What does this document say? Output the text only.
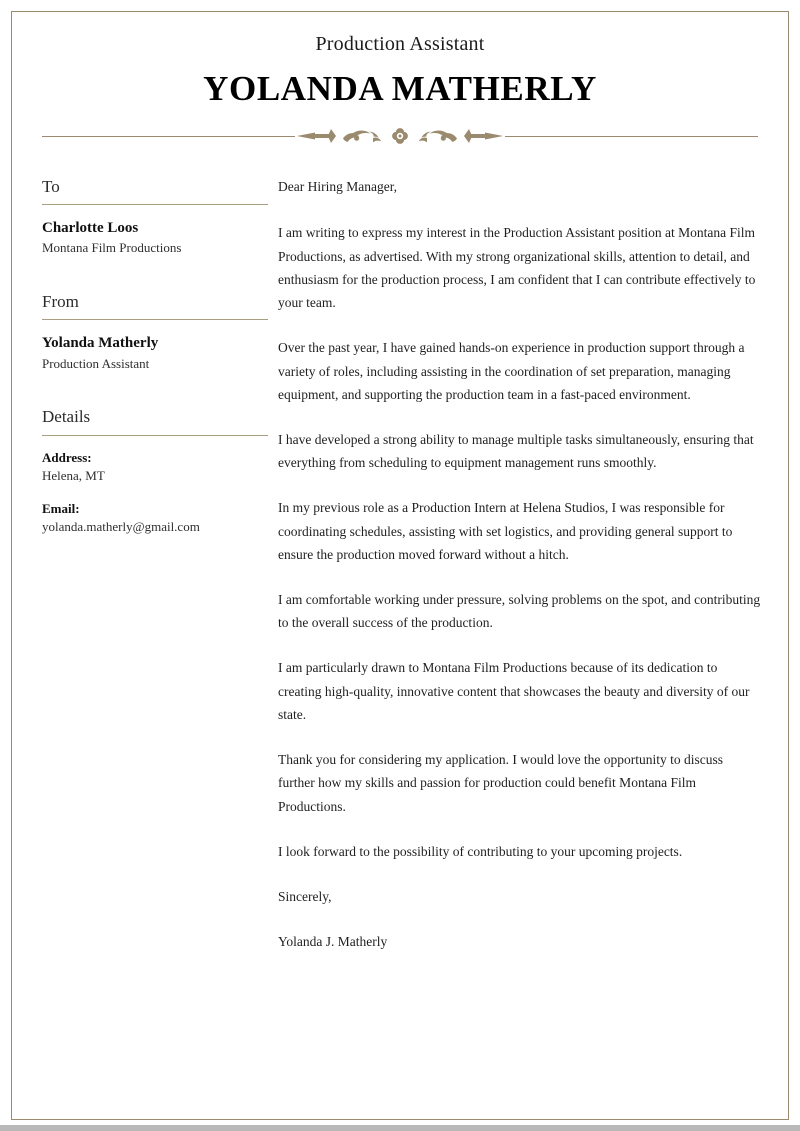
Production Assistant
YOLANDA MATHERLY
To
Charlotte Loos
Montana Film Productions
From
Yolanda Matherly
Production Assistant
Details
Address:
Helena, MT
Email:
yolanda.matherly@gmail.com
Dear Hiring Manager,
I am writing to express my interest in the Production Assistant position at Montana Film Productions, as advertised. With my strong organizational skills, attention to detail, and enthusiasm for the production process, I am confident that I can contribute effectively to your team.
Over the past year, I have gained hands-on experience in production support through a variety of roles, including assisting in the coordination of set preparation, managing equipment, and supporting the production team in a fast-paced environment.
I have developed a strong ability to manage multiple tasks simultaneously, ensuring that everything from scheduling to equipment management runs smoothly.
In my previous role as a Production Intern at Helena Studios, I was responsible for coordinating schedules, assisting with set logistics, and providing general support to ensure the production moved forward without a hitch.
I am comfortable working under pressure, solving problems on the spot, and contributing to the overall success of the production.
I am particularly drawn to Montana Film Productions because of its dedication to creating high-quality, innovative content that showcases the beauty and diversity of our state.
Thank you for considering my application. I would love the opportunity to discuss further how my skills and passion for production could benefit Montana Film Productions.
I look forward to the possibility of contributing to your upcoming projects.
Sincerely,
Yolanda J. Matherly
